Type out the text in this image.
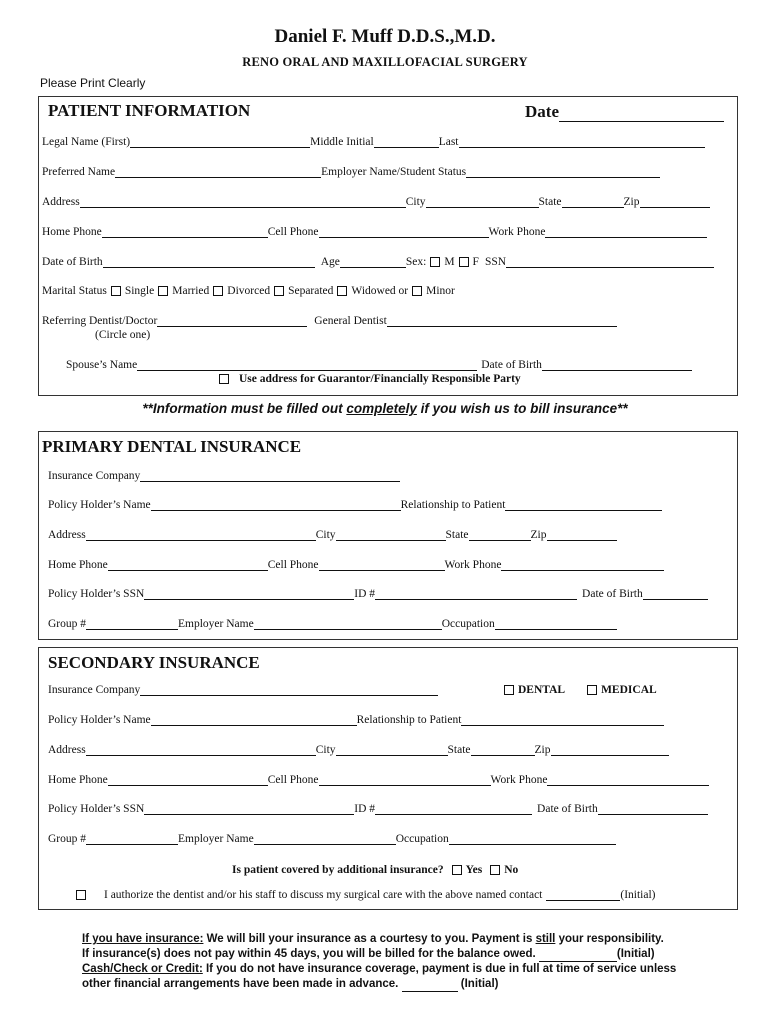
Daniel F. Muff D.D.S.,M.D.
RENO ORAL AND MAXILLOFACIAL SURGERY
Please Print Clearly
PATIENT INFORMATION	Date
Legal Name (First)	Middle Initial	Last
Preferred Name	Employer Name/Student Status
Address	City	State	Zip
Home Phone	Cell Phone	Work Phone
Date of Birth	Age	Sex: M F SSN
Marital Status Single Married Divorced Separated Widowed or Minor
Referring Dentist/Doctor	General Dentist
(Circle one)
Spouse’s Name	Date of Birth
Use address for Guarantor/Financially Responsible Party
**Information must be filled out completely if you wish us to bill insurance**
PRIMARY DENTAL INSURANCE
Insurance Company
Policy Holder’s Name	Relationship to Patient
Address	City	State	Zip
Home Phone	Cell Phone	Work Phone
Policy Holder’s SSN	ID #	Date of Birth
Group #	Employer Name	Occupation
SECONDARY INSURANCE
Insurance Company	DENTAL	MEDICAL
Policy Holder’s Name	Relationship to Patient
Address	City	State	Zip
Home Phone	Cell Phone	Work Phone
Policy Holder’s SSN	ID #	Date of Birth
Group #	Employer Name	Occupation
Is patient covered by additional insurance? Yes No
I authorize the dentist and/or his staff to discuss my surgical care with the above named contact	(Initial)
If you have insurance: We will bill your insurance as a courtesy to you. Payment is still your responsibility.
If insurance(s) does not pay within 45 days, you will be billed for the balance owed.	(Initial)
Cash/Check or Credit: If you do not have insurance coverage, payment is due in full at time of service unless
other financial arrangements have been made in advance.	(Initial)
